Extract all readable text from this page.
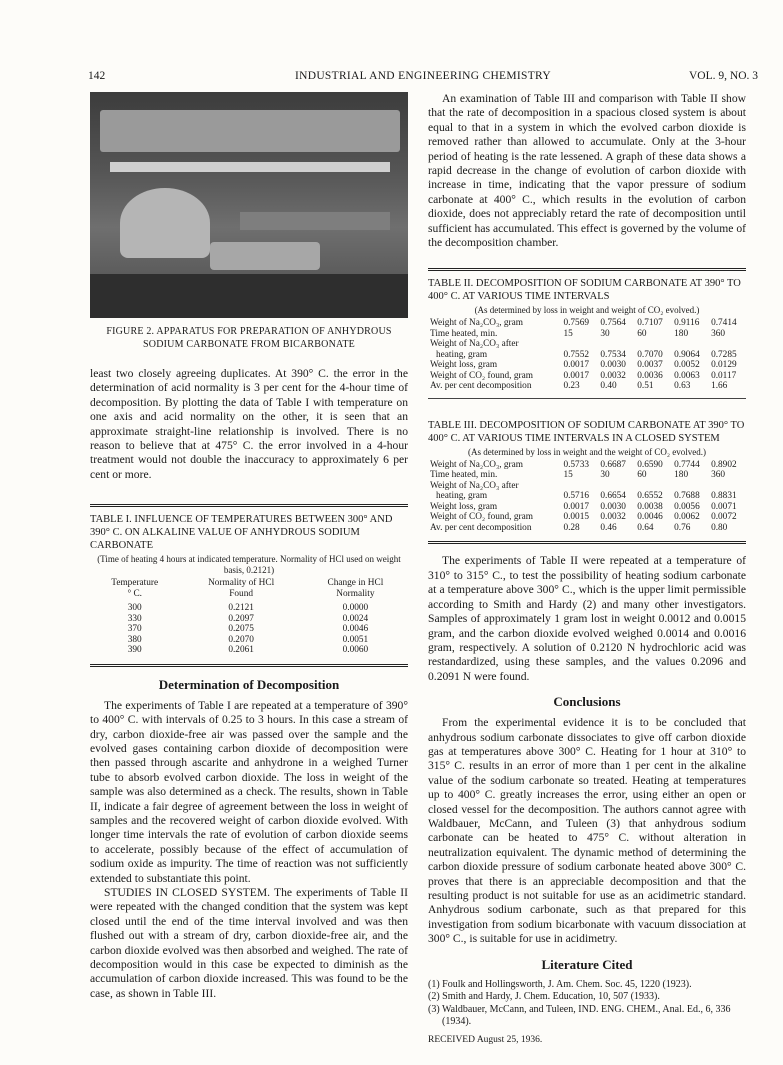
142	INDUSTRIAL AND ENGINEERING CHEMISTRY	VOL. 9, NO. 3
FIGURE 2. APPARATUS FOR PREPARATION OF ANHYDROUS SODIUM CARBONATE FROM BICARBONATE

least two closely agreeing duplicates. At 390° C. the error in the determination of acid normality is 3 per cent for the 4-hour time of decomposition. By plotting the data of Table I with temperature on one axis and acid normality on the other, it is seen that an approximate straight-line relationship is involved. There is no reason to believe that at 475° C. the error involved in a 4-hour treatment would not double the inaccuracy to approximately 6 per cent or more.

TABLE I. INFLUENCE OF TEMPERATURES BETWEEN 300° AND 390° C. ON ALKALINE VALUE OF ANHYDROUS SODIUM CARBONATE
(Time of heating 4 hours at indicated temperature. Normality of HCl used on weight basis, 0.2121)
Temperature	Normality of HCl	Change in HCl
° C.	Found	Normality

300	0.2121	0.0000
330	0.2097	0.0024
370	0.2075	0.0046
380	0.2070	0.0051
390	0.2061	0.0060
Determination of Decomposition

The experiments of Table I are repeated at a temperature of 390° to 400° C. with intervals of 0.25 to 3 hours. In this case a stream of dry, carbon dioxide-free air was passed over the sample and the evolved gases containing carbon dioxide of decomposition were then passed through ascarite and anhydrone in a weighed Turner tube to absorb evolved carbon dioxide. The loss in weight of the sample was also determined as a check. The results, shown in Table II, indicate a fair degree of agreement between the loss in weight of samples and the recovered weight of carbon dioxide evolved. With longer time intervals the rate of evolution of carbon dioxide seems to accelerate, possibly because of the effect of accumulation of sodium oxide as impurity. The time of reaction was not sufficiently extended to substantiate this point.

STUDIES IN CLOSED SYSTEM. The experiments of Table II were repeated with the changed condition that the system was kept closed until the end of the time interval involved and was then flushed out with a stream of dry, carbon dioxide-free air, and the carbon dioxide evolved was then absorbed and weighed. The rate of decomposition would in this case be expected to diminish as the accumulation of carbon dioxide increased. This was found to be the case, as shown in Table III.

An examination of Table III and comparison with Table II show that the rate of decomposition in a spacious closed system is about equal to that in a system in which the evolved carbon dioxide is removed rather than allowed to accumulate. Only at the 3-hour period of heating is the rate lessened. A graph of these data shows a rapid decrease in the change of evolution of carbon dioxide with increase in time, indicating that the vapor pressure of sodium carbonate at 400° C., which results in the evolution of carbon dioxide, does not appreciably retard the rate of decomposition until sufficient has accumulated. This effect is governed by the volume of the decomposition chamber.

TABLE II. DECOMPOSITION OF SODIUM CARBONATE AT 390° TO 400° C. AT VARIOUS TIME INTERVALS
(As determined by loss in weight and weight of CO₂ evolved.)
Weight of Na₂CO₃, gram	0.7569	0.7564	0.7107	0.9116	0.7414
Time heated, min.	15	30	60	180	360
Weight of Na₂CO₃ after					
heating, gram	0.7552	0.7534	0.7070	0.9064	0.7285
Weight loss, gram	0.0017	0.0030	0.0037	0.0052	0.0129
Weight of CO₂ found, gram	0.0017	0.0032	0.0036	0.0063	0.0117
Av. per cent decomposition	0.23	0.40	0.51	0.63	1.66
TABLE III. DECOMPOSITION OF SODIUM CARBONATE AT 390° TO 400° C. AT VARIOUS TIME INTERVALS IN A CLOSED SYSTEM
(As determined by loss in weight and the weight of CO₂ evolved.)
Weight of Na₂CO₃, gram	0.5733	0.6687	0.6590	0.7744	0.8902
Time heated, min.	15	30	60	180	360
Weight of Na₂CO₃ after					
heating, gram	0.5716	0.6654	0.6552	0.7688	0.8831
Weight loss, gram	0.0017	0.0030	0.0038	0.0056	0.0071
Weight of CO₂ found, gram	0.0015	0.0032	0.0046	0.0062	0.0072
Av. per cent decomposition	0.28	0.46	0.64	0.76	0.80

The experiments of Table II were repeated at a temperature of 310° to 315° C., to test the possibility of heating sodium carbonate at a temperature above 300° C., which is the upper limit permissible according to Smith and Hardy (2) and many other investigators. Samples of approximately 1 gram lost in weight 0.0012 and 0.0015 gram, and the carbon dioxide evolved weighed 0.0014 and 0.0016 gram, respectively. A solution of 0.2120 N hydrochloric acid was restandardized, using these samples, and the values 0.2096 and 0.2091 N were found.

Conclusions

From the experimental evidence it is to be concluded that anhydrous sodium carbonate dissociates to give off carbon dioxide gas at temperatures above 300° C. Heating for 1 hour at 310° to 315° C. results in an error of more than 1 per cent in the alkaline value of the sodium carbonate so treated. Heating at temperatures up to 400° C. greatly increases the error, using either an open or closed vessel for the decomposition. The authors cannot agree with Waldbauer, McCann, and Tuleen (3) that anhydrous sodium carbonate can be heated to 475° C. without alteration in neutralization equivalent. The dynamic method of determining the carbon dioxide pressure of sodium carbonate heated above 300° C. proves that there is an appreciable decomposition and that the resulting product is not suitable for use as an acidimetric standard. Anhydrous sodium carbonate, such as that prepared for this investigation from sodium bicarbonate with vacuum dissociation at 300° C., is suitable for use in acidimetry.

Literature Cited
(1) Foulk and Hollingsworth, J. Am. Chem. Soc. 45, 1220 (1923).
(2) Smith and Hardy, J. Chem. Education, 10, 507 (1933).
(3) Waldbauer, McCann, and Tuleen, IND. ENG. CHEM., Anal. Ed., 6, 336 (1934).
RECEIVED August 25, 1936.
